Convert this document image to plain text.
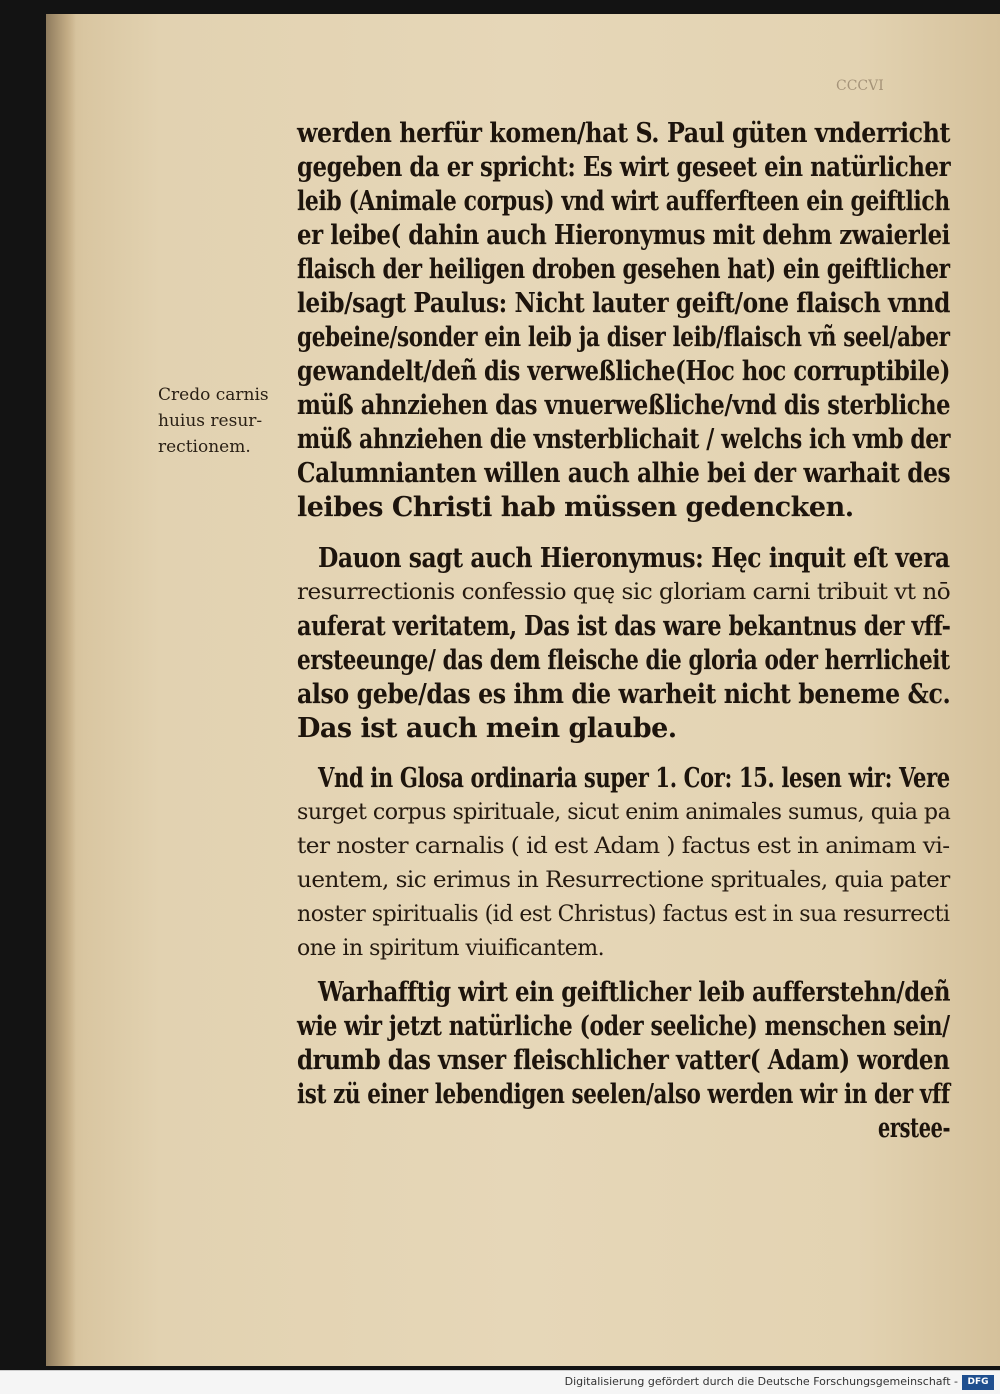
CCCVI
werden herfür komen/hat S. Paul güten vnderricht
gegeben da er spricht: Es wirt geseet ein natürlicher
leib (Animale corpus) vnd wirt aufferfteen ein geiftlich
er leibe( dahin auch Hieronymus mit dehm zwaierlei
flaisch der heiligen droben gesehen hat) ein geiftlicher
leib/sagt Paulus: Nicht lauter geift/one flaisch vnnd
gebeine/sonder ein leib ja diser leib/flaisch vñ seel/aber
gewandelt/deñ dis verweßliche(Hoc hoc corruptibile)
müß ahnziehen das vnuerweßliche/vnd dis sterbliche
müß ahnziehen die vnsterblichait / welchs ich vmb der
Calumnianten willen auch alhie bei der warhait des
leibes Christi hab müssen gedencken.
Dauon sagt auch Hieronymus: Hęc inquit eſt vera
resurrectionis confessio quę sic gloriam carni tribuit vt nō
auferat veritatem, Das ist das ware bekantnus der vff-
ersteeunge/ das dem fleische die gloria oder herrlicheit
also gebe/das es ihm die warheit nicht beneme &c.
Das ist auch mein glaube.
Vnd in Glosa ordinaria super 1. Cor: 15. lesen wir: Vere
surget corpus spirituale, sicut enim animales sumus, quia pa
ter noster carnalis ( id est Adam ) factus est in animam vi-
uentem, sic erimus in Resurrectione sprituales, quia pater
noster spiritualis (id est Christus) factus est in sua resurrecti
one in spiritum viuificantem.
Warhafftig wirt ein geiftlicher leib aufferstehn/deñ
wie wir jetzt natürliche (oder seeliche) menschen sein/
drumb das vnser fleischlicher vatter( Adam) worden
ist zü einer lebendigen seelen/also werden wir in der vff
erstee-
Credo carnis
huius resur-
rectionem.
Digitalisierung gefördert durch die Deutsche Forschungsgemeinschaft -	DFG
